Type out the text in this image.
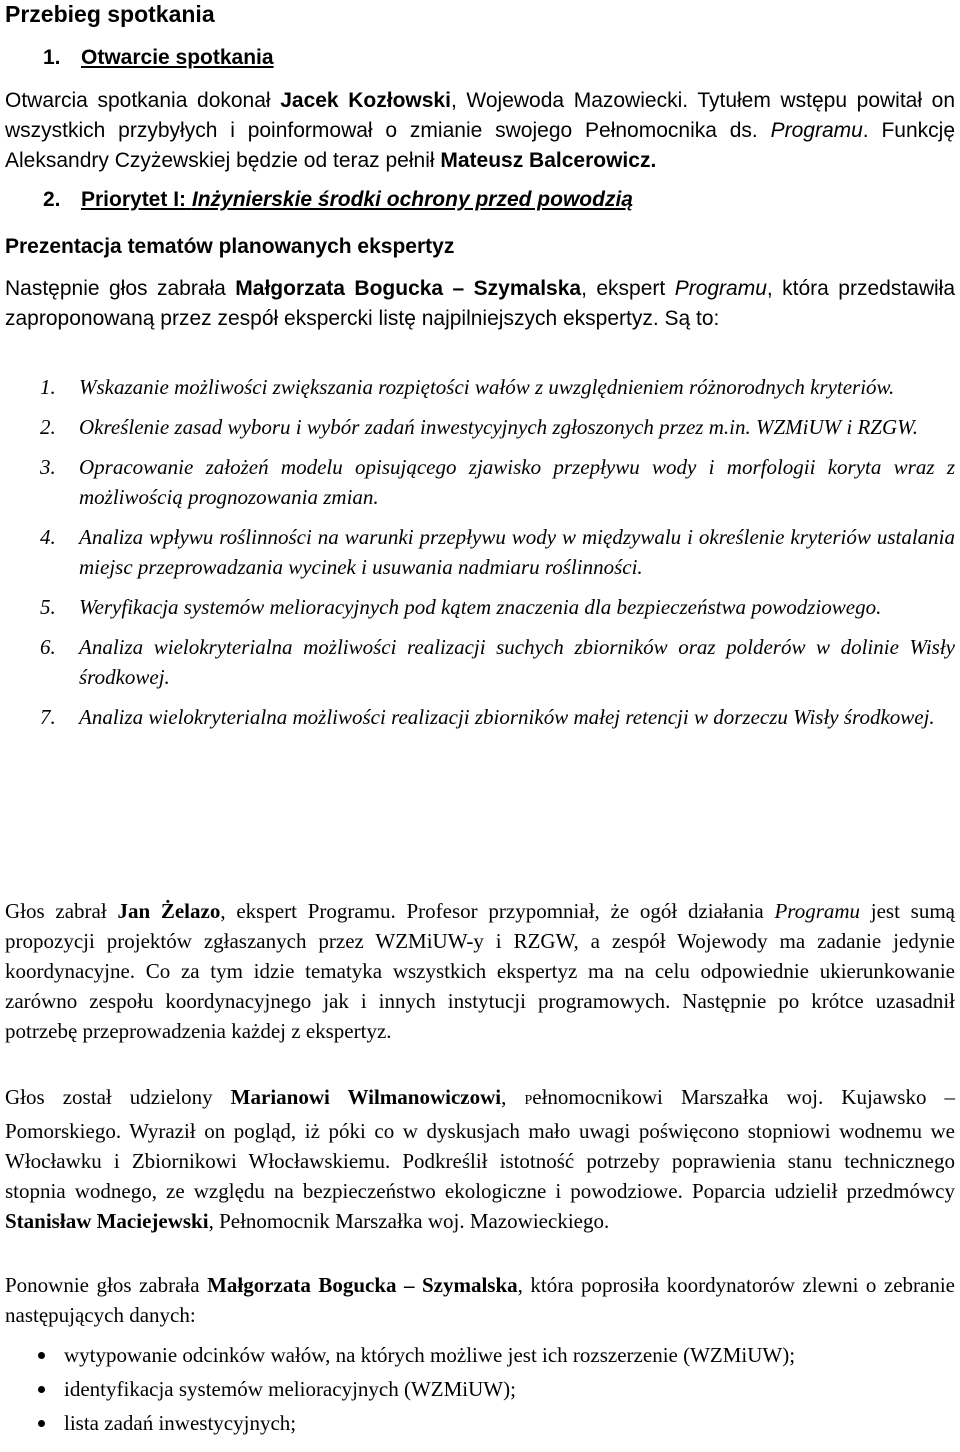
Przebieg spotkania
1. Otwarcie spotkania

Otwarcia spotkania dokonał Jacek Kozłowski, Wojewoda Mazowiecki. Tytułem wstępu powitał on wszystkich przybyłych i poinformował o zmianie swojego Pełnomocnika ds. Programu. Funkcję Aleksandry Czyżewskiej będzie od teraz pełnił Mateusz Balcerowicz.

2. Priorytet I: Inżynierskie środki ochrony przed powodzią
Prezentacja tematów planowanych ekspertyz

Następnie głos zabrała Małgorzata Bogucka – Szymalska, ekspert Programu, która przedstawiła zaproponowaną przez zespół ekspercki listę najpilniejszych ekspertyz. Są to:

1. Wskazanie możliwości zwiększania rozpiętości wałów z uwzględnieniem różnorodnych kryteriów.
2. Określenie zasad wyboru i wybór zadań inwestycyjnych zgłoszonych przez m.in. WZMiUW i RZGW.
3. Opracowanie założeń modelu opisującego zjawisko przepływu wody i morfologii koryta wraz z możliwością prognozowania zmian.
4. Analiza wpływu roślinności na warunki przepływu wody w międzywalu i określenie kryteriów ustalania miejsc przeprowadzania wycinek i usuwania nadmiaru roślinności.
5. Weryfikacja systemów melioracyjnych pod kątem znaczenia dla bezpieczeństwa powodziowego.
6. Analiza wielokryterialna możliwości realizacji suchych zbiorników oraz polderów w dolinie Wisły środkowej.
7. Analiza wielokryterialna możliwości realizacji zbiorników małej retencji w dorzeczu Wisły środkowej.

Głos zabrał Jan Żelazo, ekspert Programu. Profesor przypomniał, że ogół działania Programu jest sumą propozycji projektów zgłaszanych przez WZMiUW-y i RZGW, a zespół Wojewody ma zadanie jedynie koordynacyjne. Co za tym idzie tematyka wszystkich ekspertyz ma na celu odpowiednie ukierunkowanie zarówno zespołu koordynacyjnego jak i innych instytucji programowych. Następnie po krótce uzasadnił potrzebę przeprowadzenia każdej z ekspertyz.

Głos został udzielony Marianowi Wilmanowiczowi, Pełnomocnikowi Marszałka woj. Kujawsko – Pomorskiego. Wyraził on pogląd, iż póki co w dyskusjach mało uwagi poświęcono stopniowi wodnemu we Włocławku i Zbiornikowi Włocławskiemu. Podkreślił istotność potrzeby poprawienia stanu technicznego stopnia wodnego, ze względu na bezpieczeństwo ekologiczne i powodziowe. Poparcia udzielił przedmówcy Stanisław Maciejewski, Pełnomocnik Marszałka woj. Mazowieckiego.

Ponownie głos zabrała Małgorzata Bogucka – Szymalska, która poprosiła koordynatorów zlewni o zebranie następujących danych:

wytypowanie odcinków wałów, na których możliwe jest ich rozszerzenie (WZMiUW);
identyfikacja systemów melioracyjnych (WZMiUW);
lista zadań inwestycyjnych;
